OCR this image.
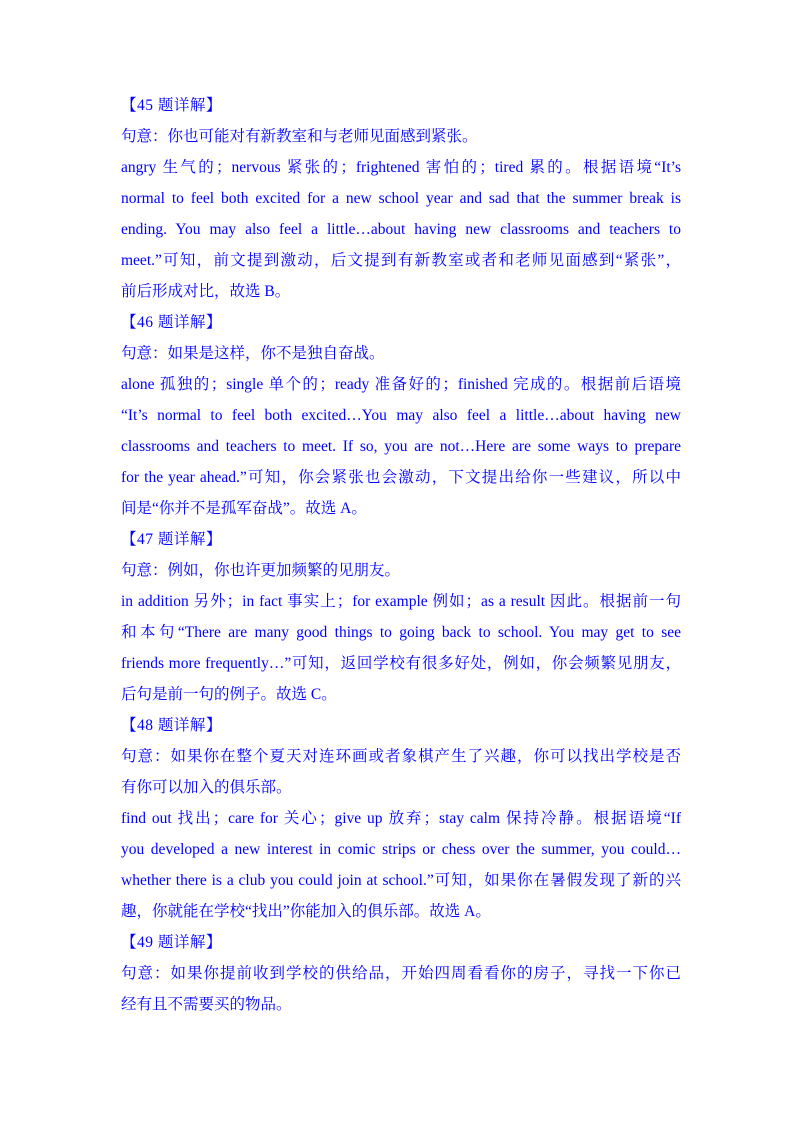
【45 题详解】
句意：你也可能对有新教室和与老师见面感到紧张。
angry 生气的；nervous 紧张的；frightened 害怕的；tired 累的。根据语境“It’s
normal to feel both excited for a new school year and sad that the summer break is
ending. You may also feel a little…about having new classrooms and teachers to
meet.”可知，前文提到激动，后文提到有新教室或者和老师见面感到“紧张”，
前后形成对比，故选 B。
【46 题详解】
句意：如果是这样，你不是独自奋战。
alone 孤独的；single 单个的；ready 准备好的；finished 完成的。根据前后语境
“It’s normal to feel both excited…You may also feel a little…about having new
classrooms and teachers to meet. If so, you are not…Here are some ways to prepare
for the year ahead.”可知，你会紧张也会激动，下文提出给你一些建议，所以中
间是“你并不是孤军奋战”。故选 A。
【47 题详解】
句意：例如，你也许更加频繁的见朋友。
in addition 另外；in fact 事实上；for example 例如；as a result 因此。根据前一句
和本句“There are many good things to going back to school. You may get to see
friends more frequently…”可知，返回学校有很多好处，例如，你会频繁见朋友，
后句是前一句的例子。故选 C。
【48 题详解】
句意：如果你在整个夏天对连环画或者象棋产生了兴趣，你可以找出学校是否
有你可以加入的俱乐部。
find out 找出；care for 关心；give up 放弃；stay calm 保持冷静。根据语境“If
you developed a new interest in comic strips or chess over the summer, you could…
whether there is a club you could join at school.”可知，如果你在暑假发现了新的兴
趣，你就能在学校“找出”你能加入的俱乐部。故选 A。
【49 题详解】
句意：如果你提前收到学校的供给品，开始四周看看你的房子，寻找一下你已
经有且不需要买的物品。
